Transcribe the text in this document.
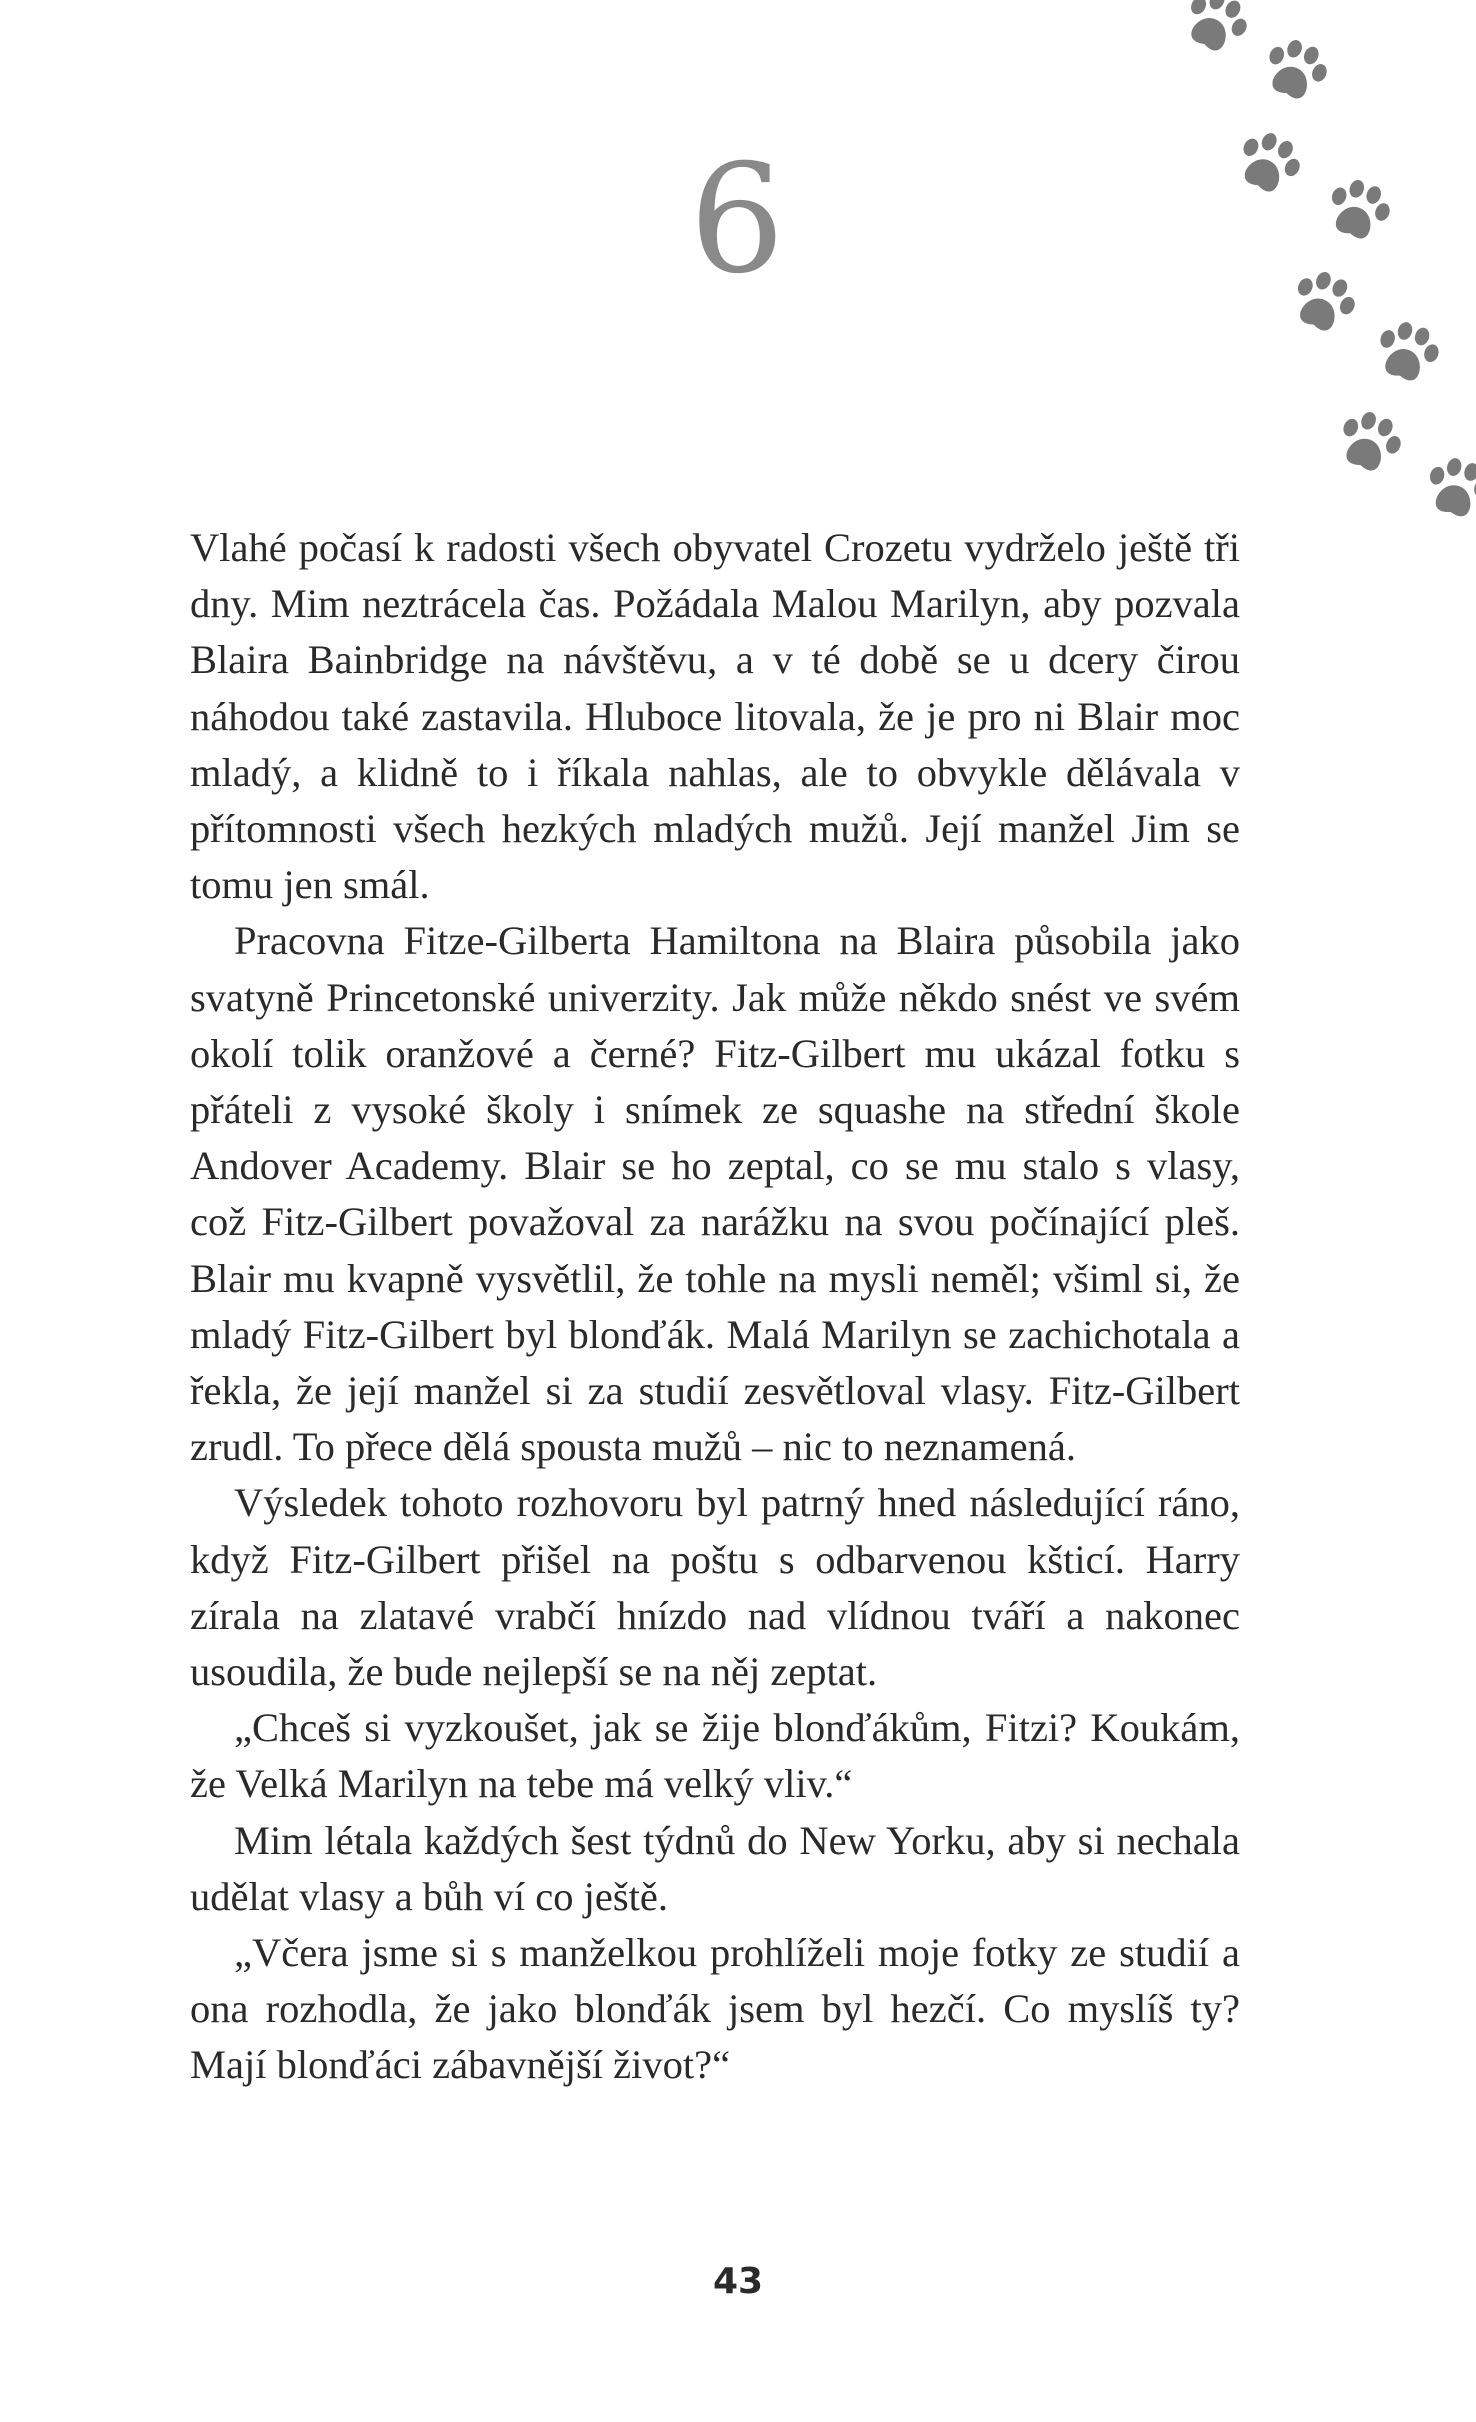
6

Vlahé počasí k radosti všech obyvatel Crozetu vydrželo ještě tři dny. Mim neztrácela čas. Požádala Malou Marilyn, aby pozvala Blaira Bainbridge na návštěvu, a v té době se u dcery čirou náhodou také zastavila. Hluboce litovala, že je pro ni Blair moc mladý, a klidně to i říkala nahlas, ale to obvykle dělávala v přítomnosti všech hezkých mladých mužů. Její manžel Jim se tomu jen smál.

Pracovna Fitze-Gilberta Hamiltona na Blaira působila jako svatyně Princetonské univerzity. Jak může někdo snést ve svém okolí tolik oranžové a černé? Fitz-Gilbert mu ukázal fotku s přáteli z vysoké školy i snímek ze squashe na střední škole Andover Academy. Blair se ho zeptal, co se mu stalo s vlasy, což Fitz-Gilbert považoval za narážku na svou počínající pleš. Blair mu kvapně vysvětlil, že tohle na mysli neměl; všiml si, že mladý Fitz-Gilbert byl blonďák. Malá Marilyn se zachichotala a řekla, že její manžel si za studií zesvětloval vlasy. Fitz-Gilbert zrudl. To přece dělá spousta mužů – nic to neznamená.

Výsledek tohoto rozhovoru byl patrný hned následující ráno, když Fitz-Gilbert přišel na poštu s odbarvenou kšticí. Harry zírala na zlatavé vrabčí hnízdo nad vlídnou tváří a nakonec usoudila, že bude nejlepší se na něj zeptat.

„Chceš si vyzkoušet, jak se žije blonďákům, Fitzi? Koukám, že Velká Marilyn na tebe má velký vliv.“

Mim létala každých šest týdnů do New Yorku, aby si nechala udělat vlasy a bůh ví co ještě.

„Včera jsme si s manželkou prohlíželi moje fotky ze studií a ona rozhodla, že jako blonďák jsem byl hezčí. Co myslíš ty? Mají blonďáci zábavnější život?“

43
